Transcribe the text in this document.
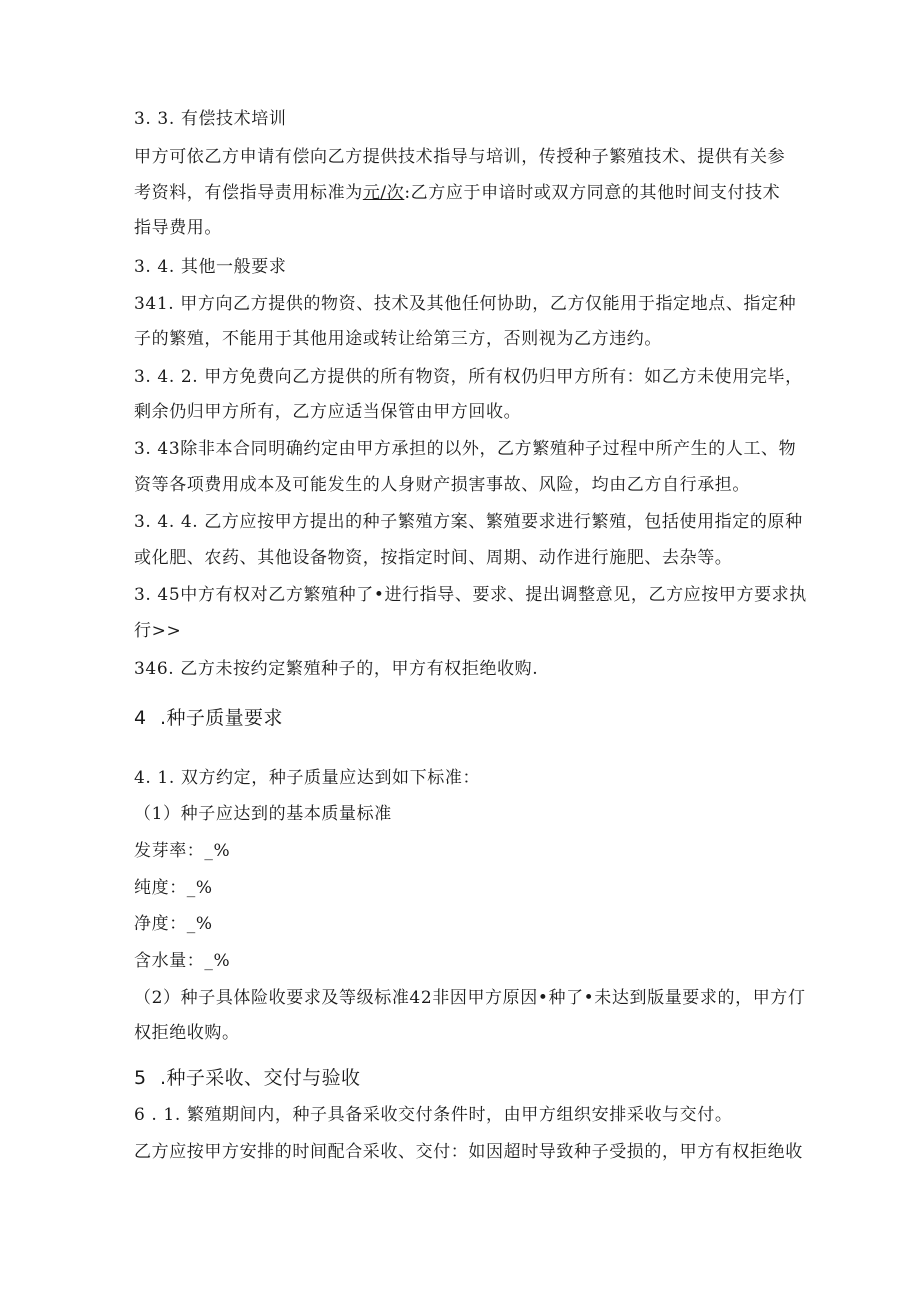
3. 3. 有偿技术培训
甲方可依乙方申请有偿向乙方提供技术指导与培训，传授种子繁殖技术、提供有关参
考资料，有偿指导责用标准为元/次:乙方应于申谙时或双方同意的其他时间支付技术
指导费用。
3. 4. 其他一般要求
341. 甲方向乙方提供的物资、技术及其他任何协助，乙方仅能用于指定地点、指定种
子的繁殖，不能用于其他用途或转让给第三方，否则视为乙方违约。
3. 4. 2. 甲方免费向乙方提供的所有物资，所有权仍归甲方所有：如乙方未使用完毕，
剩余仍归甲方所有，乙方应适当保管由甲方回收。
3. 43除非本合同明确约定由甲方承担的以外，乙方繁殖种子过程中所产生的人工、物
资等各项费用成本及可能发生的人身财产损害事故、风险，均由乙方自行承担。
3. 4. 4. 乙方应按甲方提出的种子繁殖方案、繁殖要求进行繁殖，包括使用指定的原种
或化肥、农药、其他设备物资，按指定时间、周期、动作进行施肥、去杂等。
3. 45中方有权对乙方繁殖种了•进行指导、要求、提出调整意见，乙方应按甲方要求执
行>>
346. 乙方未按约定繁殖种子的，甲方有权拒绝收购.
4 .种子质量要求
4. 1. 双方约定，种子质量应达到如下标准：
（1）种子应达到的基本质量标准
发芽率：_%
纯度：_%
净度：_%
含水量：_%
（2）种子具体险收要求及等级标准42非因甲方原因•种了•未达到版量要求的，甲方仃
权拒绝收购。
5 .种子采收、交付与验收
6 . 1. 繁殖期间内，种子具备采收交付条件时，由甲方组织安排采收与交付。
乙方应按甲方安排的时间配合采收、交付：如因超时导致种子受损的，甲方有权拒绝收
